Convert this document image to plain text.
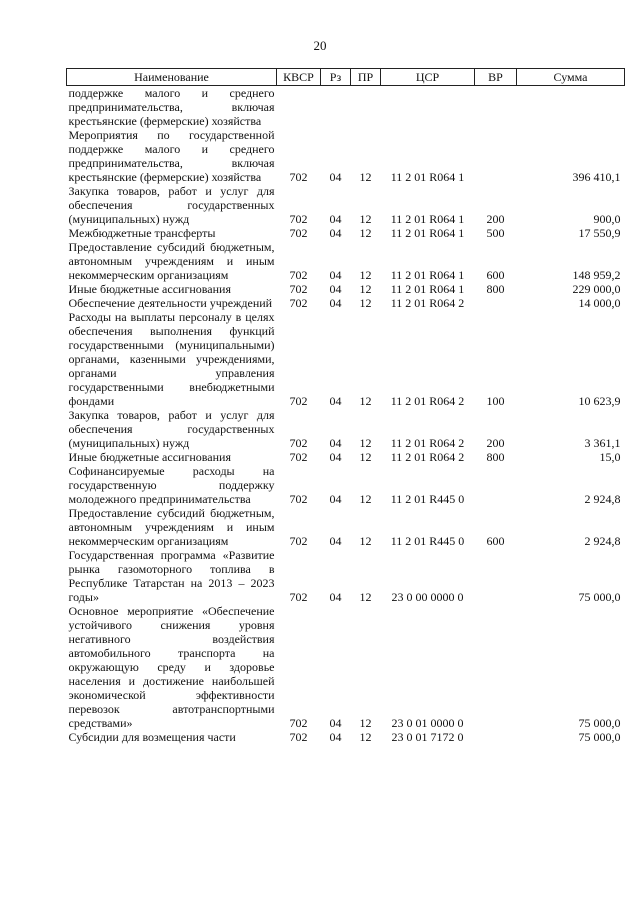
20
Наименование	КВСР	Рз	ПР	ЦСР	ВР	Сумма
поддержке малого и среднего предпринимательства, включая крестьянские (фермерские) хозяйства						
Мероприятия по государственной поддержке малого и среднего предпринимательства, включая крестьянские (фермерские) хозяйства	702	04	12	11 2 01 R064 1		396 410,1
Закупка товаров, работ и услуг для обеспечения государственных (муниципальных) нужд	702	04	12	11 2 01 R064 1	200	900,0
Межбюджетные трансферты	702	04	12	11 2 01 R064 1	500	17 550,9
Предоставление субсидий бюджетным, автономным учреждениям и иным некоммерческим организациям	702	04	12	11 2 01 R064 1	600	148 959,2
Иные бюджетные ассигнования	702	04	12	11 2 01 R064 1	800	229 000,0
Обеспечение деятельности учреждений	702	04	12	11 2 01 R064 2		14 000,0
Расходы на выплаты персоналу в целях обеспечения выполнения функций государственными (муниципальными) органами, казенными учреждениями, органами управления государственными внебюджетными фондами	702	04	12	11 2 01 R064 2	100	10 623,9
Закупка товаров, работ и услуг для обеспечения государственных (муниципальных) нужд	702	04	12	11 2 01 R064 2	200	3 361,1
Иные бюджетные ассигнования	702	04	12	11 2 01 R064 2	800	15,0
Софинансируемые расходы на государственную поддержку молодежного предпринимательства	702	04	12	11 2 01 R445 0		2 924,8
Предоставление субсидий бюджетным, автономным учреждениям и иным некоммерческим организациям	702	04	12	11 2 01 R445 0	600	2 924,8
Государственная программа «Развитие рынка газомоторного топлива в Республике Татарстан на 2013 – 2023 годы»	702	04	12	23 0 00 0000 0		75 000,0
Основное мероприятие «Обеспечение устойчивого снижения уровня негативного воздействия автомобильного транспорта на окружающую среду и здоровье населения и достижение наибольшей экономической эффективности перевозок автотранспортными средствами»	702	04	12	23 0 01 0000 0		75 000,0
Субсидии для возмещения части	702	04	12	23 0 01 7172 0		75 000,0
